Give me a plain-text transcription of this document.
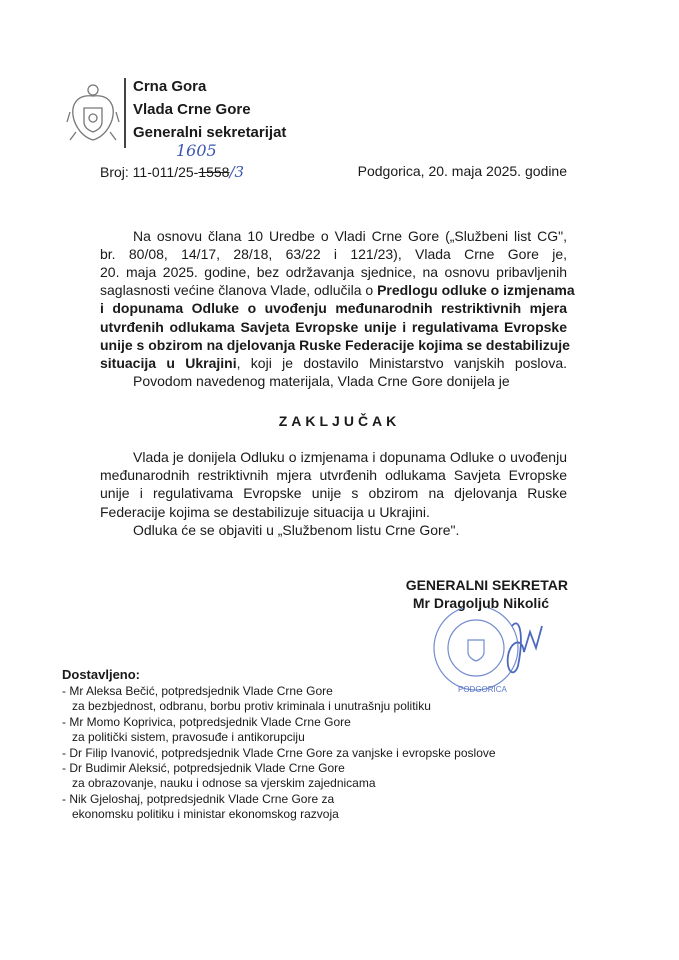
Crna Gora
Vlada Crne Gore
Generalni sekretarijat
Broj: 11-011/25-1558/3
1605
Podgorica, 20. maja 2025. godine
Na osnovu člana 10 Uredbe o Vladi Crne Gore („Službeni list CG",
br. 80/08, 14/17, 28/18, 63/22 i 121/23), Vlada Crne Gore je,
20. maja 2025. godine, bez održavanja sjednice, na osnovu pribavljenih
saglasnosti većine članova Vlade, odlučila o Predlogu odluke o izmjenama
i dopunama Odluke o uvođenju međunarodnih restriktivnih mjera
utvrđenih odlukama Savjeta Evropske unije i regulativama Evropske
unije s obzirom na djelovanja Ruske Federacije kojima se destabilizuje
situacija u Ukrajini, koji je dostavilo Ministarstvo vanjskih poslova.
Povodom navedenog materijala, Vlada Crne Gore donijela je
ZAKLJUČAK
Vlada je donijela Odluku o izmjenama i dopunama Odluke o uvođenju
međunarodnih restriktivnih mjera utvrđenih odlukama Savjeta Evropske
unije i regulativama Evropske unije s obzirom na djelovanja Ruske
Federacije kojima se destabilizuje situacija u Ukrajini.
Odluka će se objaviti u „Službenom listu Crne Gore".
GENERALNI SEKRETAR
Mr Dragoljub Nikolić
PODGORICA
Dostavljeno:
- Mr Aleksa Bečić, potpredsjednik Vlade Crne Gore
za bezbjednost, odbranu, borbu protiv kriminala i unutrašnju politiku
- Mr Momo Koprivica, potpredsjednik Vlade Crne Gore
za politički sistem, pravosuđe i antikorupciju
- Dr Filip Ivanović, potpredsjednik Vlade Crne Gore za vanjske i evropske poslove
- Dr Budimir Aleksić, potpredsjednik Vlade Crne Gore
za obrazovanje, nauku i odnose sa vjerskim zajednicama
- Nik Gjeloshaj, potpredsjednik Vlade Crne Gore za
ekonomsku politiku i ministar ekonomskog razvoja
